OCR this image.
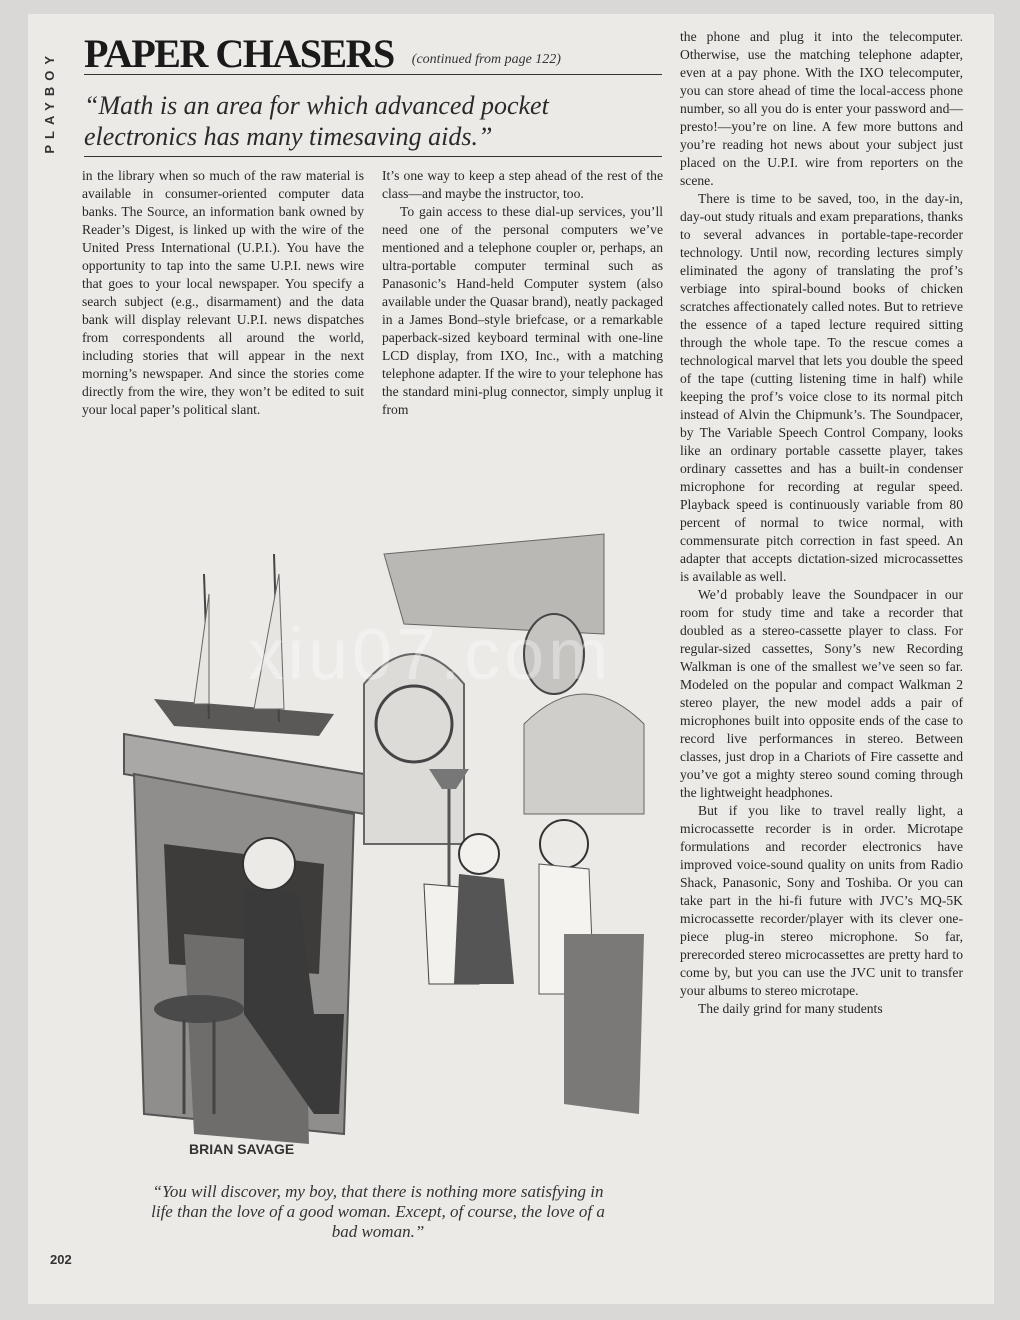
PLAYBOY PAPER CHASERS (continued from page 122)
“Math is an area for which advanced pocket electronics has many timesaving aids.”

in the library when so much of the raw material is available in consumer-oriented computer data banks. The Source, an information bank owned by Reader’s Digest, is linked up with the wire of the United Press International (U.P.I.). You have the opportunity to tap into the same U.P.I. news wire that goes to your local newspaper. You specify a search subject (e.g., disarmament) and the data bank will display relevant U.P.I. news dispatches from correspondents all around the world, including stories that will appear in the next morning’s newspaper. And since the stories come directly from the wire, they won’t be edited to suit your local paper’s political slant.

It’s one way to keep a step ahead of the rest of the class—and maybe the instructor, too.

To gain access to these dial-up services, you’ll need one of the personal computers we’ve mentioned and a telephone coupler or, perhaps, an ultra-portable computer terminal such as Panasonic’s Hand-held Computer system (also available under the Quasar brand), neatly packaged in a James Bond–style briefcase, or a remarkable paperback-sized keyboard terminal with one-line LCD display, from IXO, Inc., with a matching telephone adapter. If the wire to your telephone has the standard mini-plug connector, simply unplug it from

the phone and plug it into the telecomputer. Otherwise, use the matching telephone adapter, even at a pay phone. With the IXO telecomputer, you can store ahead of time the local-access phone number, so all you do is enter your password and—presto!—you’re on line. A few more buttons and you’re reading hot news about your subject just placed on the U.P.I. wire from reporters on the scene.

There is time to be saved, too, in the day-in, day-out study rituals and exam preparations, thanks to several advances in portable-tape-recorder technology. Until now, recording lectures simply eliminated the agony of translating the prof’s verbiage into spiral-bound books of chicken scratches affectionately called notes. But to retrieve the essence of a taped lecture required sitting through the whole tape. To the rescue comes a technological marvel that lets you double the speed of the tape (cutting listening time in half) while keeping the prof’s voice close to its normal pitch instead of Alvin the Chipmunk’s. The Soundpacer, by The Variable Speech Control Company, looks like an ordinary portable cassette player, takes ordinary cassettes and has a built-in condenser microphone for recording at regular speed. Playback speed is continuously variable from 80 percent of normal to twice normal, with commensurate pitch correction in fast speed. An adapter that accepts dictation-sized microcassettes is available as well.

We’d probably leave the Soundpacer in our room for study time and take a recorder that doubled as a stereo-cassette player to class. For regular-sized cassettes, Sony’s new Recording Walkman is one of the smallest we’ve seen so far. Modeled on the popular and compact Walkman 2 stereo player, the new model adds a pair of microphones built into opposite ends of the case to record live performances in stereo. Between classes, just drop in a Chariots of Fire cassette and you’ve got a mighty stereo sound coming through the lightweight headphones.

But if you like to travel really light, a microcassette recorder is in order. Microtape formulations and recorder electronics have improved voice-sound quality on units from Radio Shack, Panasonic, Sony and Toshiba. Or you can take part in the hi-fi future with JVC’s MQ-5K microcassette recorder/player with its clever one-piece plug-in stereo microphone. So far, prerecorded stereo microcassettes are pretty hard to come by, but you can use the JVC unit to transfer your albums to stereo microtape.

The daily grind for many students

BRIAN SAVAGE
“You will discover, my boy, that there is nothing more satisfying in life than the love of a good woman. Except, of course, the love of a bad woman.”
202
xiu07.com
